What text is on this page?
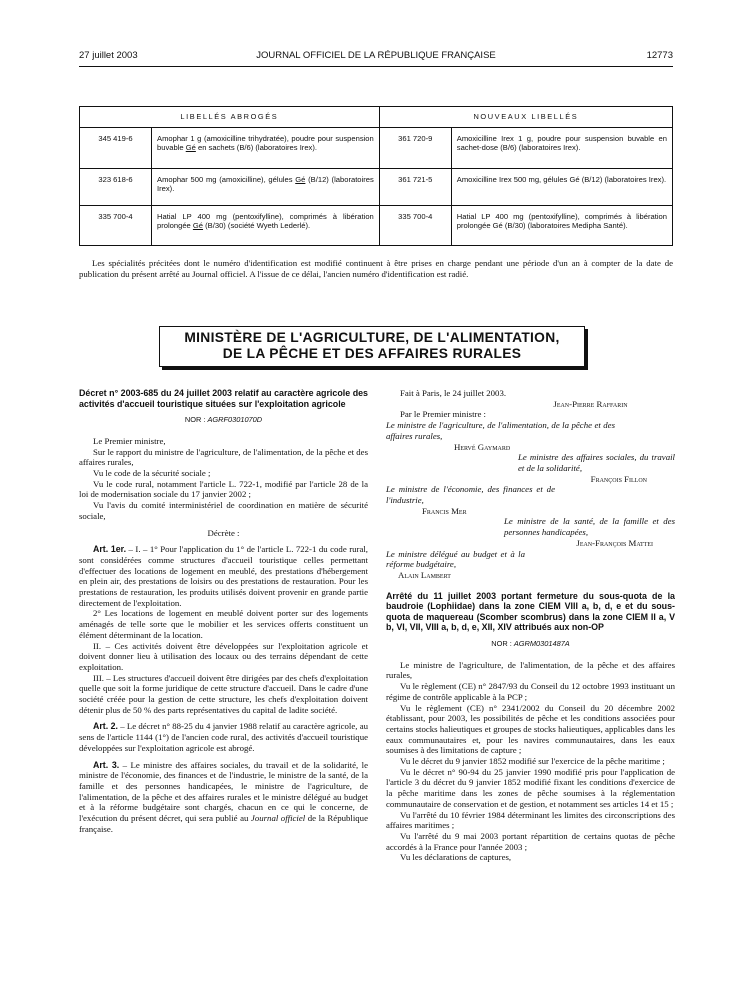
27 juillet 2003	JOURNAL OFFICIEL DE LA RÉPUBLIQUE FRANÇAISE	12773
LIBELLÉS ABROGÉS		NOUVEAUX LIBELLÉS	
345 419-6	Amophar 1 g (amoxicilline trihydratée), poudre pour suspension buvable Gé en sachets (B/6) (laboratoires Irex).	361 720-9	Amoxicilline Irex 1 g, poudre pour suspension buvable en sachet-dose (B/6) (laboratoires Irex).
323 618-6	Amophar 500 mg (amoxicilline), gélules Gé (B/12) (laboratoires Irex).	361 721-5	Amoxicilline Irex 500 mg, gélules Gé (B/12) (laboratoires Irex).
335 700-4	Hatial LP 400 mg (pentoxifylline), comprimés à libération prolongée Gé (B/30) (société Wyeth Lederlé).	335 700-4	Hatial LP 400 mg (pentoxifylline), comprimés à libération prolongée Gé (B/30) (laboratoires Medipha Santé).

Les spécialités précitées dont le numéro d'identification est modifié continuent à être prises en charge pendant une période d'un an à compter de la date de publication du présent arrêté au Journal officiel. A l'issue de ce délai, l'ancien numéro d'identification est radié.

MINISTÈRE DE L'AGRICULTURE, DE L'ALIMENTATION,
DE LA PÊCHE ET DES AFFAIRES RURALES
Décret n° 2003-685 du 24 juillet 2003 relatif au caractère agricole des activités d'accueil touristique situées sur l'exploitation agricole

NOR : AGRF0301070D

Le Premier ministre,

Sur le rapport du ministre de l'agriculture, de l'alimentation, de la pêche et des affaires rurales,

Vu le code de la sécurité sociale ;

Vu le code rural, notamment l'article L. 722-1, modifié par l'article 28 de la loi de modernisation sociale du 17 janvier 2002 ;

Vu l'avis du comité interministériel de coordination en matière de sécurité sociale,

Décrète :

Art. 1er. – I. – 1° Pour l'application du 1° de l'article L. 722-1 du code rural, sont considérées comme structures d'accueil touristique celles permettant d'effectuer des locations de logement en meublé, des prestations d'hébergement en plein air, des prestations de loisirs ou des prestations de restauration. Pour les prestations de restauration, les produits utilisés doivent provenir en grande partie directement de l'exploitation.

2° Les locations de logement en meublé doivent porter sur des logements aménagés de telle sorte que le mobilier et les services offerts constituent un élément déterminant de la location.

II. – Ces activités doivent être développées sur l'exploitation agricole et doivent donner lieu à utilisation des locaux ou des terrains dépendant de cette exploitation.

III. – Les structures d'accueil doivent être dirigées par des chefs d'exploitation quelle que soit la forme juridique de cette structure d'accueil. Dans le cadre d'une société créée pour la gestion de cette structure, les chefs d'exploitation doivent détenir plus de 50 % des parts représentatives du capital de ladite société.

Art. 2. – Le décret n° 88-25 du 4 janvier 1988 relatif au caractère agricole, au sens de l'article 1144 (1°) de l'ancien code rural, des activités d'accueil touristique développées sur l'exploitation agricole est abrogé.

Art. 3. – Le ministre des affaires sociales, du travail et de la solidarité, le ministre de l'économie, des finances et de l'industrie, le ministre de la santé, de la famille et des personnes handicapées, le ministre de l'agriculture, de l'alimentation, de la pêche et des affaires rurales et le ministre délégué au budget et à la réforme budgétaire sont chargés, chacun en ce qui le concerne, de l'exécution du présent décret, qui sera publié au Journal officiel de la République française.

Fait à Paris, le 24 juillet 2003.

Jean-Pierre Raffarin

Par le Premier ministre :

Le ministre de l'agriculture, de l'alimentation, de la pêche et des affaires rurales,

Hervé Gaymard

Le ministre des affaires sociales, du travail et de la solidarité,

François Fillon

Le ministre de l'économie, des finances et de l'industrie,

Francis Mer

Le ministre de la santé, de la famille et des personnes handicapées,

Jean-François Mattei

Le ministre délégué au budget et à la réforme budgétaire,

Alain Lambert

Arrêté du 11 juillet 2003 portant fermeture du sous-quota de la baudroie (Lophiidae) dans la zone CIEM VIII a, b, d, e et du sous-quota de maquereau (Scomber scombrus) dans la zone CIEM II a, V b, VI, VII, VIII a, b, d, e, XII, XIV attribués aux non-OP

NOR : AGRM0301487A

Le ministre de l'agriculture, de l'alimentation, de la pêche et des affaires rurales,

Vu le règlement (CE) n° 2847/93 du Conseil du 12 octobre 1993 instituant un régime de contrôle applicable à la PCP ;

Vu le règlement (CE) n° 2341/2002 du Conseil du 20 décembre 2002 établissant, pour 2003, les possibilités de pêche et les conditions associées pour certains stocks halieutiques et groupes de stocks halieutiques, applicables dans les eaux communautaires et, pour les navires communautaires, dans les eaux soumises à des limitations de capture ;

Vu le décret du 9 janvier 1852 modifié sur l'exercice de la pêche maritime ;

Vu le décret n° 90-94 du 25 janvier 1990 modifié pris pour l'application de l'article 3 du décret du 9 janvier 1852 modifié fixant les conditions d'exercice de la pêche maritime dans les zones de pêche soumises à la réglementation communautaire de conservation et de gestion, et notamment ses articles 14 et 15 ;

Vu l'arrêté du 10 février 1984 déterminant les limites des circonscriptions des affaires maritimes ;

Vu l'arrêté du 9 mai 2003 portant répartition de certains quotas de pêche accordés à la France pour l'année 2003 ;

Vu les déclarations de captures,
